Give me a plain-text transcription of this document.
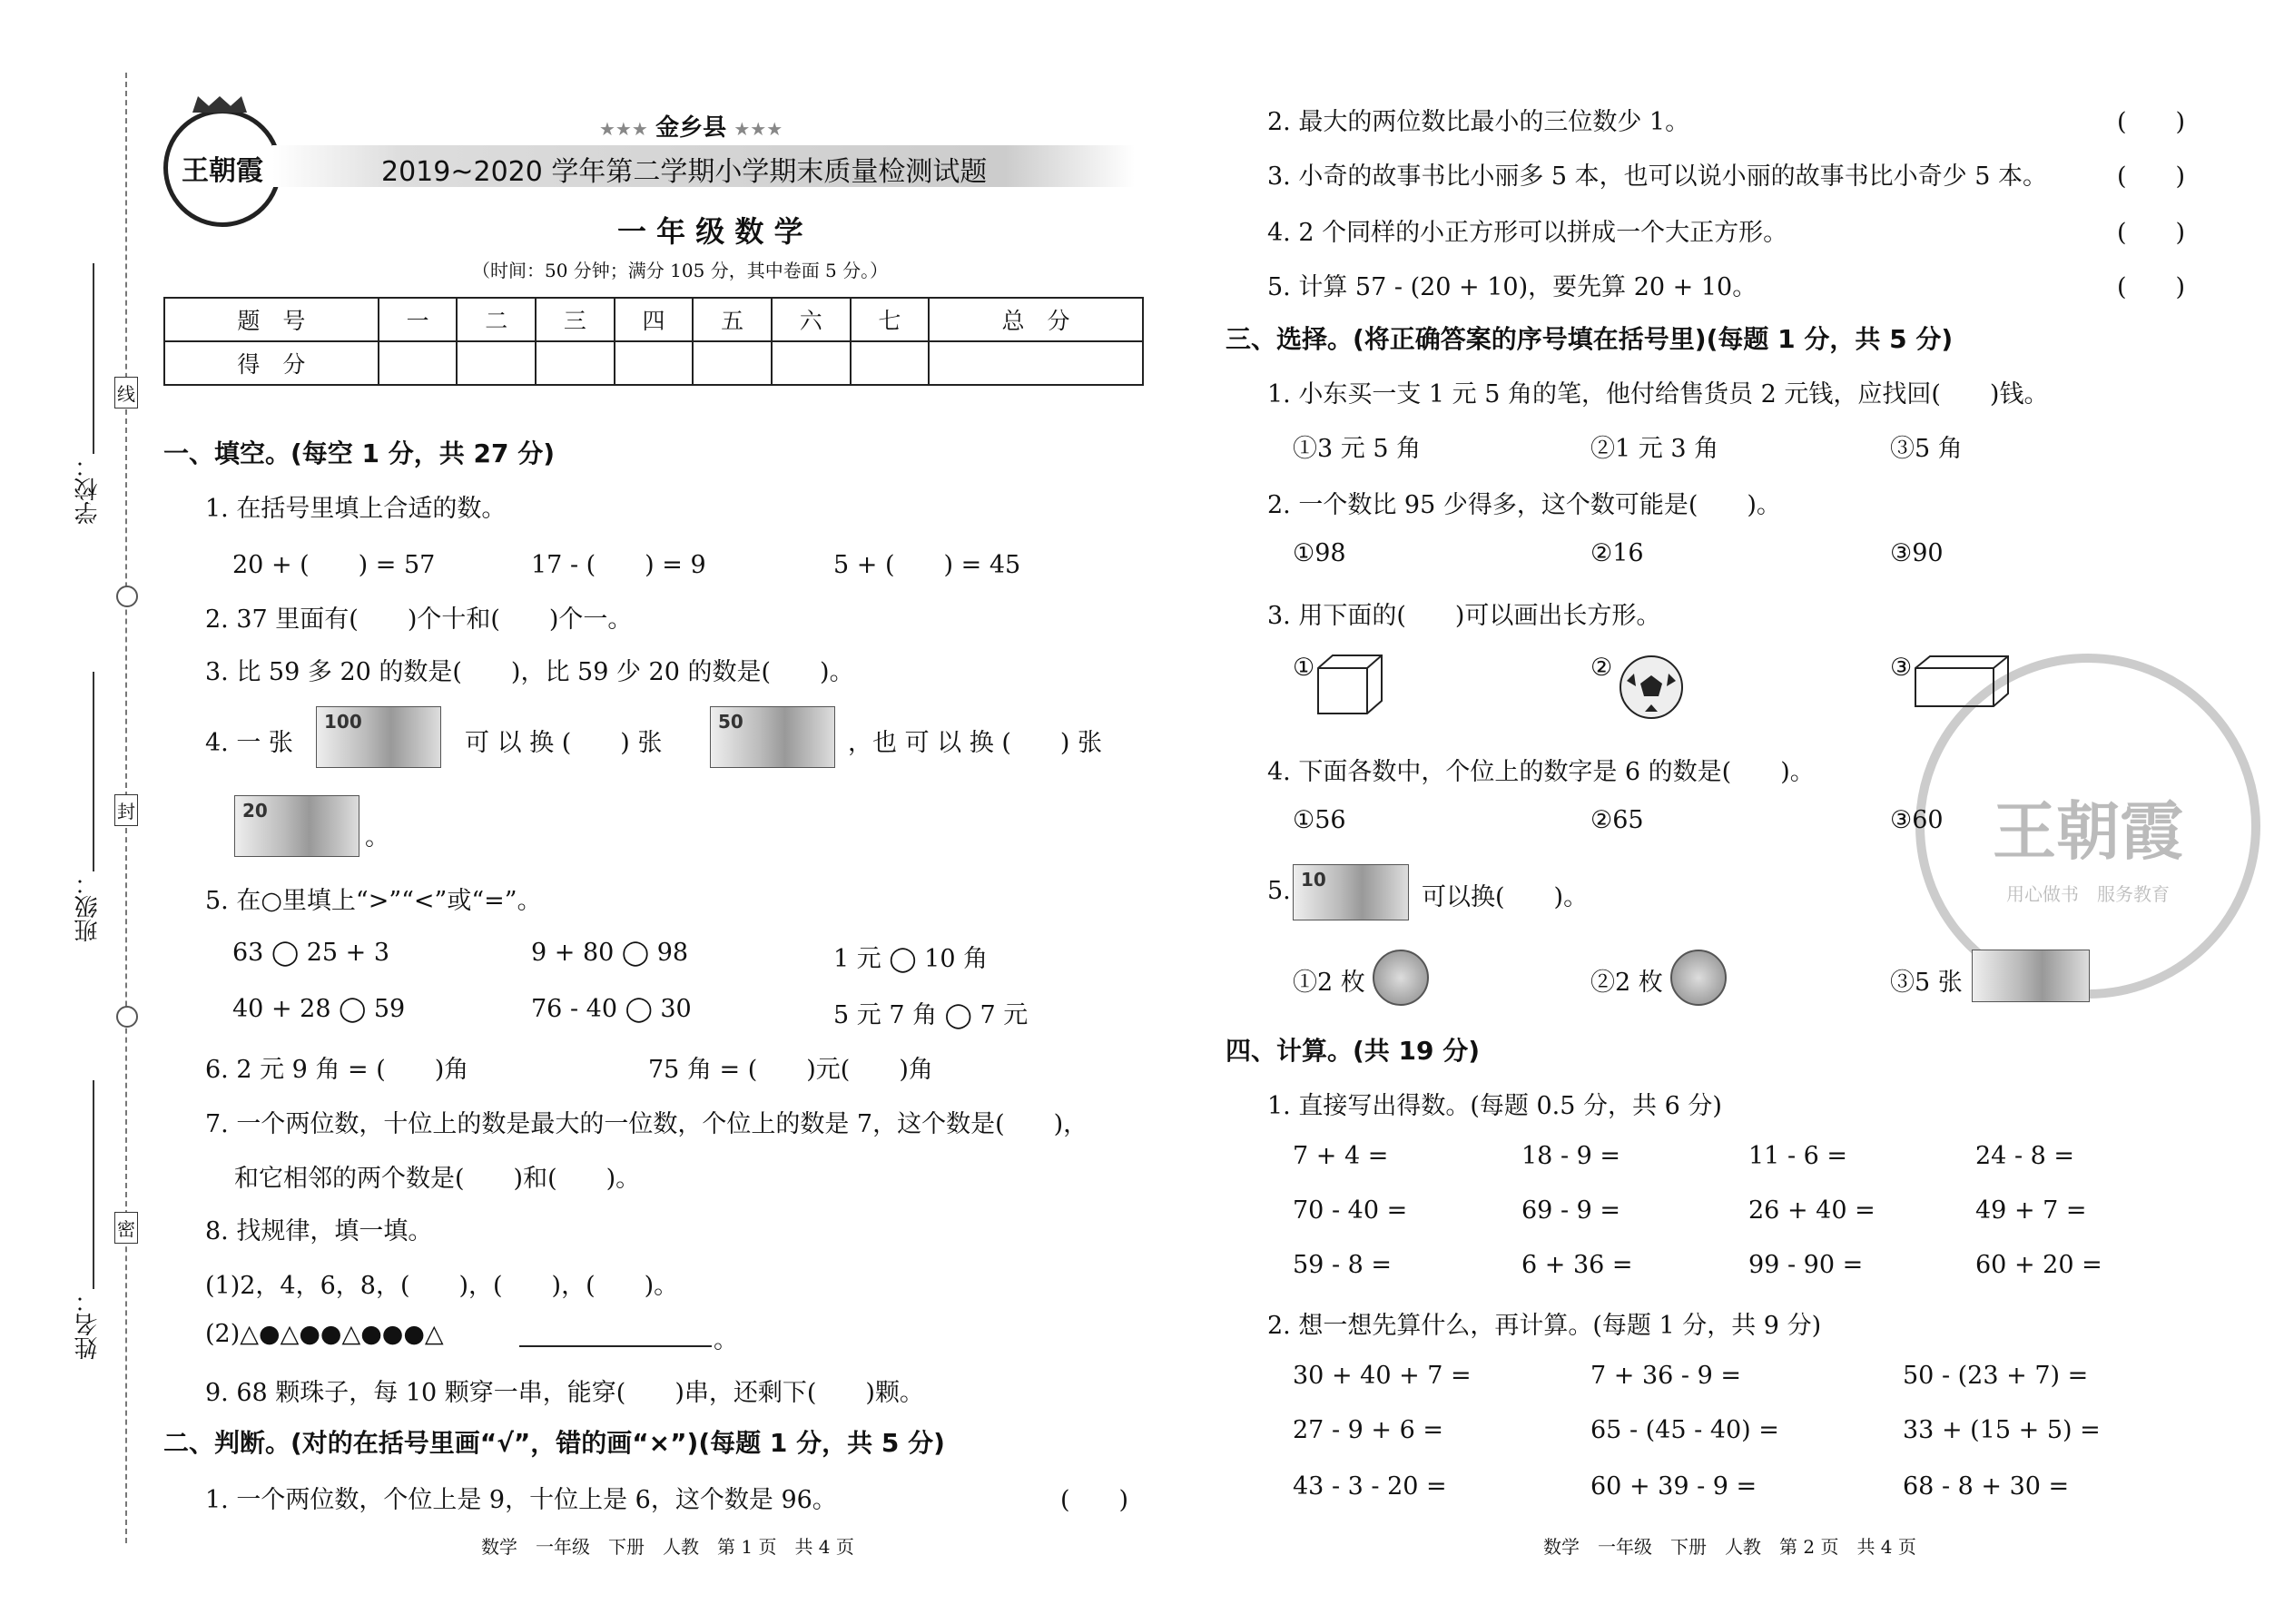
学校：
班级：
姓名：
线
封
密
王朝霞
★★★ 金乡县 ★★★
2019~2020 学年第二学期小学期末质量检测试题
一 年 级 数 学
（时间：50 分钟；满分 105 分，其中卷面 5 分。）
题　号	一	二	三	四	五	六	七	总　分
得　分								
一、填空。(每空 1 分，共 27 分)
1. 在括号里填上合适的数。
20 + (　　) = 57	17 - (　　) = 9	5 + (　　) = 45
2. 37 里面有(　　)个十和(　　)个一。
3. 比 59 多 20 的数是(　　)，比 59 少 20 的数是(　　)。
4. 一 张
100
可 以 换 (　　) 张
50
，也 可 以 换 (　　) 张
20
。
5. 在○里填上“>”“<”或“=”。
63 ◯ 25 + 3	9 + 80 ◯ 98	1 元 ◯ 10 角
40 + 28 ◯ 59	76 - 40 ◯ 30	5 元 7 角 ◯ 7 元
6. 2 元 9 角 = (　　)角	75 角 = (　　)元(　　)角
7. 一个两位数，十位上的数是最大的一位数，个位上的数是 7，这个数是(　　)，
和它相邻的两个数是(　　)和(　　)。
8. 找规律，填一填。
(1)2，4，6，8，(　　)，(　　)，(　　)。
(2)△●△●●△●●●△	。
9. 68 颗珠子，每 10 颗穿一串，能穿(　　)串，还剩下(　　)颗。
二、判断。(对的在括号里画“√”，错的画“×”)(每题 1 分，共 5 分)
1. 一个两位数，个位上是 9，十位上是 6，这个数是 96。	(　　)
2. 最大的两位数比最小的三位数少 1。	(　　)
3. 小奇的故事书比小丽多 5 本，也可以说小丽的故事书比小奇少 5 本。	(　　)
4. 2 个同样的小正方形可以拼成一个大正方形。	(　　)
5. 计算 57 - (20 + 10)，要先算 20 + 10。	(　　)
王朝霞
用心做书　服务教育
三、选择。(将正确答案的序号填在括号里)(每题 1 分，共 5 分)
1. 小东买一支 1 元 5 角的笔，他付给售货员 2 元钱，应找回(　　)钱。
①3 元 5 角	②1 元 3 角	③5 角
2. 一个数比 95 少得多，这个数可能是(　　)。
①98	②16	③90
3. 用下面的(　　)可以画出长方形。
①	②	③
4. 下面各数中，个位上的数字是 6 的数是(　　)。
①56	②65	③60
5. 10
可以换(　　)。
①2 枚	②2 枚	③5 张
四、计算。(共 19 分)
1. 直接写出得数。(每题 0.5 分，共 6 分)
7 + 4 =	18 - 9 =	11 - 6 =	24 - 8 =
70 - 40 =	69 - 9 =	26 + 40 =	49 + 7 =
59 - 8 =	6 + 36 =	99 - 90 =	60 + 20 =
2. 想一想先算什么，再计算。(每题 1 分，共 9 分)
30 + 40 + 7 =	7 + 36 - 9 =	50 - (23 + 7) =
27 - 9 + 6 =	65 - (45 - 40) =	33 + (15 + 5) =
43 - 3 - 20 =	60 + 39 - 9 =	68 - 8 + 30 =
数学　一年级　下册　人教　第 1 页　共 4 页	数学　一年级　下册　人教　第 2 页　共 4 页
